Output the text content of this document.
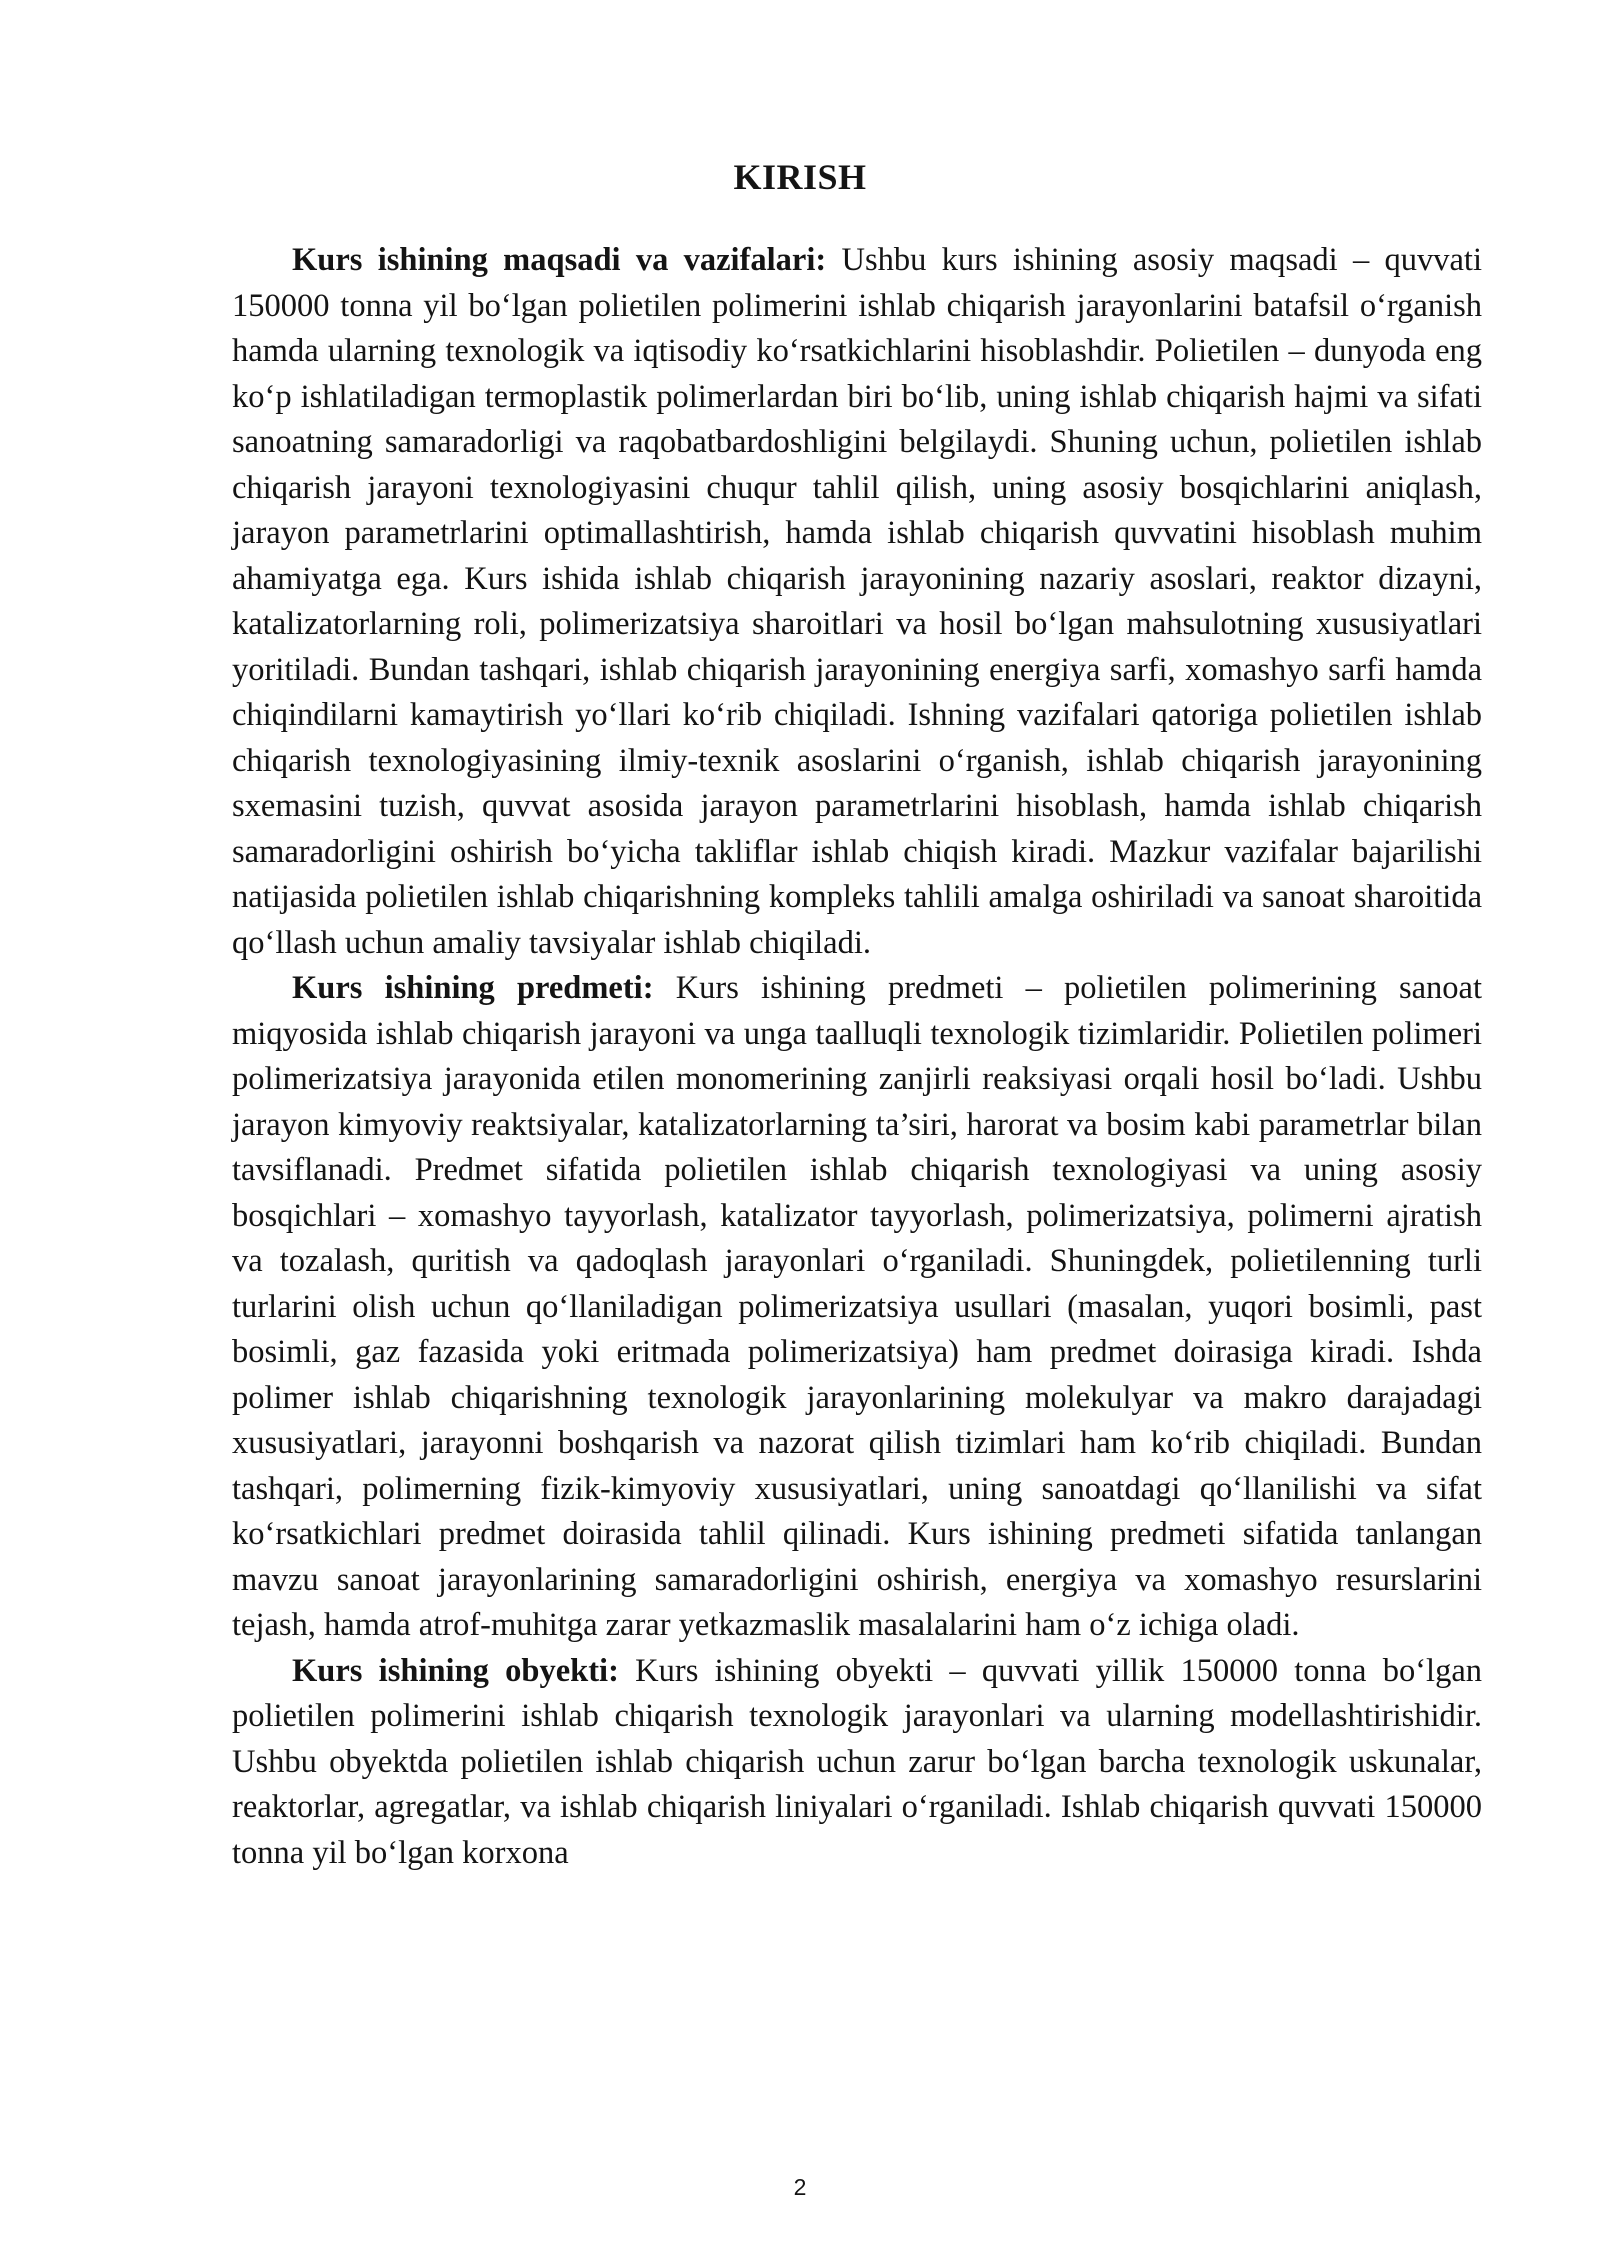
KIRISH

Kurs ishining maqsadi va vazifalari: Ushbu kurs ishining asosiy maqsadi – quvvati 150000 tonna yil bo‘lgan polietilen polimerini ishlab chiqarish jarayonlarini batafsil o‘rganish hamda ularning texnologik va iqtisodiy ko‘rsatkichlarini hisoblashdir. Polietilen – dunyoda eng ko‘p ishlatiladigan termoplastik polimerlardan biri bo‘lib, uning ishlab chiqarish hajmi va sifati sanoatning samaradorligi va raqobatbardoshligini belgilaydi. Shuning uchun, polietilen ishlab chiqarish jarayoni texnologiyasini chuqur tahlil qilish, uning asosiy bosqichlarini aniqlash, jarayon parametrlarini optimallashtirish, hamda ishlab chiqarish quvvatini hisoblash muhim ahamiyatga ega. Kurs ishida ishlab chiqarish jarayonining nazariy asoslari, reaktor dizayni, katalizatorlarning roli, polimerizatsiya sharoitlari va hosil bo‘lgan mahsulotning xususiyatlari yoritiladi. Bundan tashqari, ishlab chiqarish jarayonining energiya sarfi, xomashyo sarfi hamda chiqindilarni kamaytirish yo‘llari ko‘rib chiqiladi. Ishning vazifalari qatoriga polietilen ishlab chiqarish texnologiyasining ilmiy-texnik asoslarini o‘rganish, ishlab chiqarish jarayonining sxemasini tuzish, quvvat asosida jarayon parametrlarini hisoblash, hamda ishlab chiqarish samaradorligini oshirish bo‘yicha takliflar ishlab chiqish kiradi. Mazkur vazifalar bajarilishi natijasida polietilen ishlab chiqarishning kompleks tahlili amalga oshiriladi va sanoat sharoitida qo‘llash uchun amaliy tavsiyalar ishlab chiqiladi.

Kurs ishining predmeti: Kurs ishining predmeti – polietilen polimerining sanoat miqyosida ishlab chiqarish jarayoni va unga taalluqli texnologik tizimlaridir. Polietilen polimeri polimerizatsiya jarayonida etilen monomerining zanjirli reaksiyasi orqali hosil bo‘ladi. Ushbu jarayon kimyoviy reaktsiyalar, katalizatorlarning ta’siri, harorat va bosim kabi parametrlar bilan tavsiflanadi. Predmet sifatida polietilen ishlab chiqarish texnologiyasi va uning asosiy bosqichlari – xomashyo tayyorlash, katalizator tayyorlash, polimerizatsiya, polimerni ajratish va tozalash, quritish va qadoqlash jarayonlari o‘rganiladi. Shuningdek, polietilenning turli turlarini olish uchun qo‘llaniladigan polimerizatsiya usullari (masalan, yuqori bosimli, past bosimli, gaz fazasida yoki eritmada polimerizatsiya) ham predmet doirasiga kiradi. Ishda polimer ishlab chiqarishning texnologik jarayonlarining molekulyar va makro darajadagi xususiyatlari, jarayonni boshqarish va nazorat qilish tizimlari ham ko‘rib chiqiladi. Bundan tashqari, polimerning fizik-kimyoviy xususiyatlari, uning sanoatdagi qo‘llanilishi va sifat ko‘rsatkichlari predmet doirasida tahlil qilinadi. Kurs ishining predmeti sifatida tanlangan mavzu sanoat jarayonlarining samaradorligini oshirish, energiya va xomashyo resurslarini tejash, hamda atrof-muhitga zarar yetkazmaslik masalalarini ham o‘z ichiga oladi.

Kurs ishining obyekti: Kurs ishining obyekti – quvvati yillik 150000 tonna bo‘lgan polietilen polimerini ishlab chiqarish texnologik jarayonlari va ularning modellashtirishidir. Ushbu obyektda polietilen ishlab chiqarish uchun zarur bo‘lgan barcha texnologik uskunalar, reaktorlar, agregatlar, va ishlab chiqarish liniyalari o‘rganiladi. Ishlab chiqarish quvvati 150000 tonna yil bo‘lgan korxona

2
